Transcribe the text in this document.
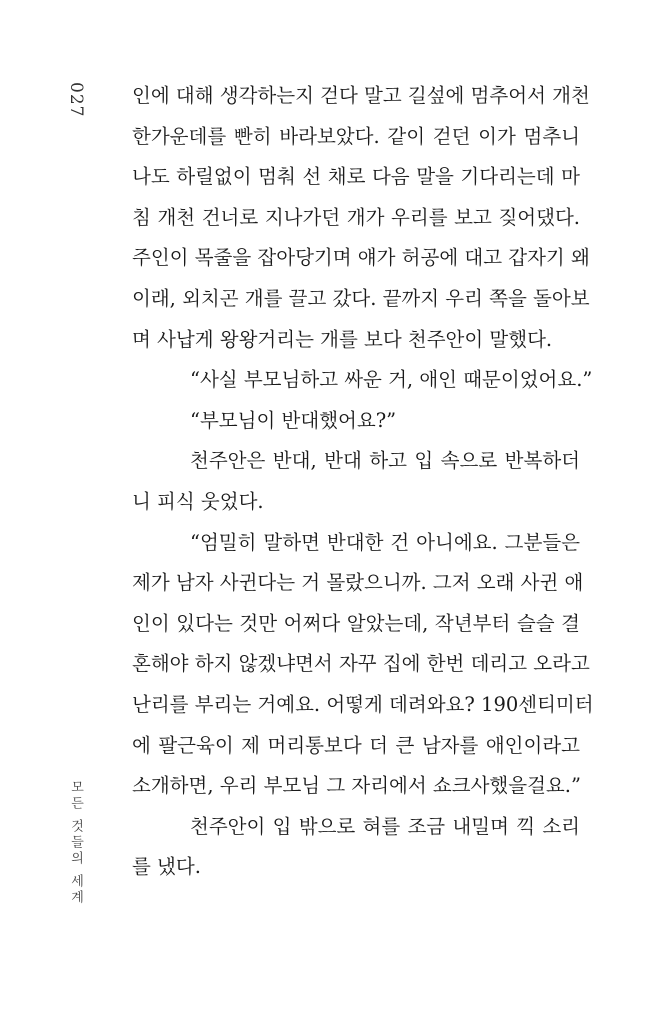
027 인에 대해 생각하는지 걷다 말고 길섶에 멈추어서 개천
한가운데를 빤히 바라보았다. 같이 걷던 이가 멈추니
나도 하릴없이 멈춰 선 채로 다음 말을 기다리는데 마
침 개천 건너로 지나가던 개가 우리를 보고 짖어댔다.
주인이 목줄을 잡아당기며 얘가 허공에 대고 갑자기 왜
이래, 외치곤 개를 끌고 갔다. 끝까지 우리 쪽을 돌아보
며 사납게 왕왕거리는 개를 보다 천주안이 말했다.
“사실 부모님하고 싸운 거, 애인 때문이었어요.”
“부모님이 반대했어요?”
천주안은 반대, 반대 하고 입 속으로 반복하더
니 피식 웃었다.
“엄밀히 말하면 반대한 건 아니에요. 그분들은
제가 남자 사귄다는 거 몰랐으니까. 그저 오래 사귄 애
인이 있다는 것만 어쩌다 알았는데, 작년부터 슬슬 결
혼해야 하지 않겠냐면서 자꾸 집에 한번 데리고 오라고
난리를 부리는 거예요. 어떻게 데려와요? 190센티미터
에 팔근육이 제 머리통보다 더 큰 남자를 애인이라고
소개하면, 우리 부모님 그 자리에서 쇼크사했을걸요.”
천주안이 입 밖으로 혀를 조금 내밀며 끽 소리
를 냈다.
모든 것들의 세계
